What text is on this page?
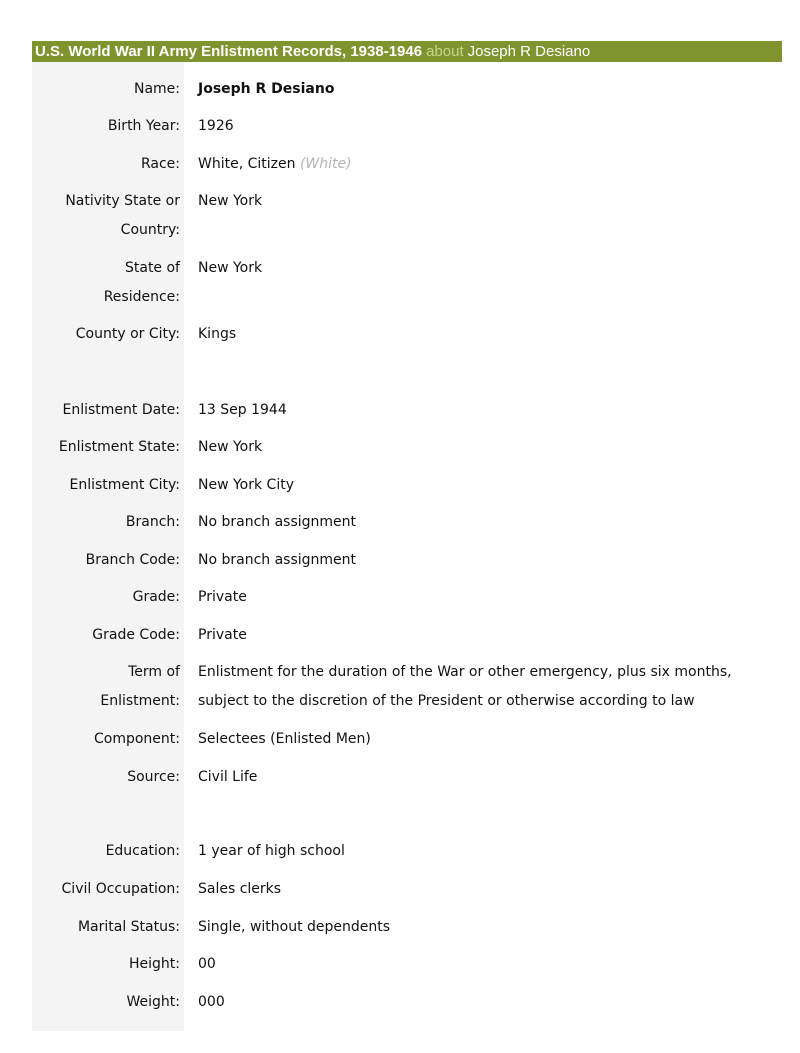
U.S. World War II Army Enlistment Records, 1938-1946 about Joseph R Desiano
Name: Joseph R Desiano
Birth Year: 1926
Race: White, Citizen (White)
Nativity State or New York
Country:
State of New York
Residence:
County or City: Kings
Enlistment Date: 13 Sep 1944
Enlistment State: New York
Enlistment City: New York City
Branch: No branch assignment
Branch Code: No branch assignment
Grade: Private
Grade Code: Private
Term of Enlistment for the duration of the War or other emergency, plus six months,
Enlistment: subject to the discretion of the President or otherwise according to law
Component: Selectees (Enlisted Men)
Source: Civil Life
Education: 1 year of high school
Civil Occupation: Sales clerks
Marital Status: Single, without dependents
Height: 00
Weight: 000
